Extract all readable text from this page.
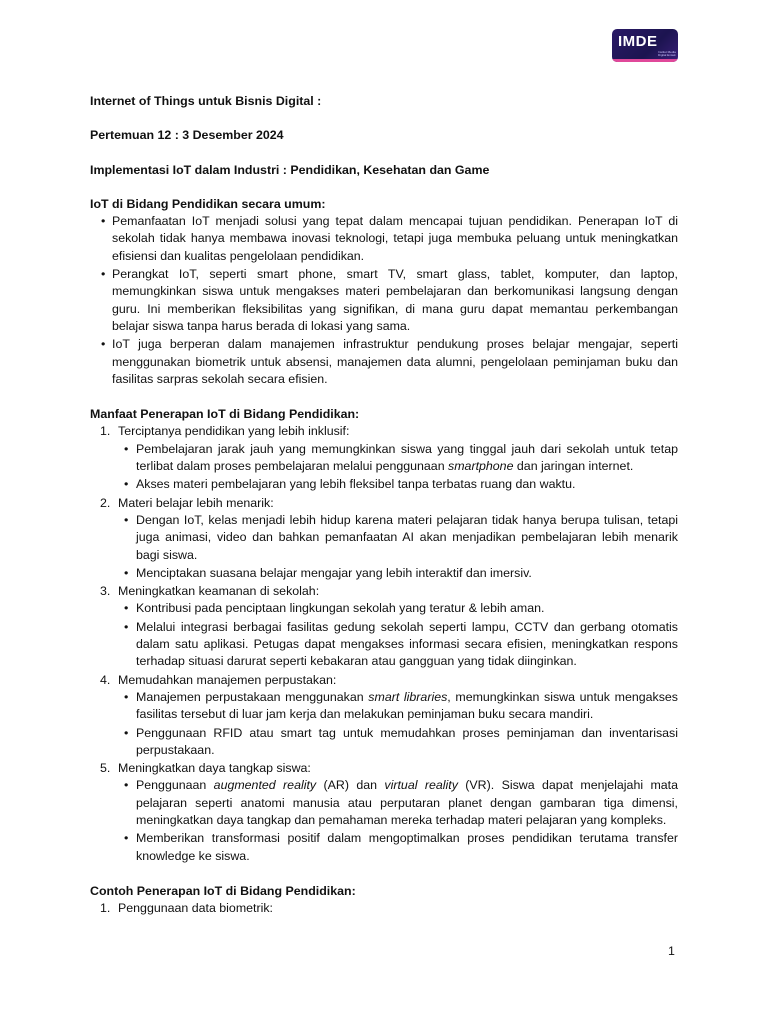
IMDE
Institut Media Digital Emtek

Internet of Things untuk Bisnis Digital :

Pertemuan 12 : 3 Desember 2024

Implementasi IoT dalam Industri : Pendidikan, Kesehatan dan Game

IoT di Bidang Pendidikan secara umum:

• Pemanfaatan IoT menjadi solusi yang tepat dalam mencapai tujuan pendidikan. Penerapan IoT di sekolah tidak hanya membawa inovasi teknologi, tetapi juga membuka peluang untuk meningkatkan efisiensi dan kualitas pengelolaan pendidikan.
• Perangkat IoT, seperti smart phone, smart TV, smart glass, tablet, komputer, dan laptop, memungkinkan siswa untuk mengakses materi pembelajaran dan berkomunikasi langsung dengan guru. Ini memberikan fleksibilitas yang signifikan, di mana guru dapat memantau perkembangan belajar siswa tanpa harus berada di lokasi yang sama.
• IoT juga berperan dalam manajemen infrastruktur pendukung proses belajar mengajar, seperti menggunakan biometrik untuk absensi, manajemen data alumni, pengelolaan peminjaman buku dan fasilitas sarpras sekolah secara efisien.

Manfaat Penerapan IoT di Bidang Pendidikan:

1. Terciptanya pendidikan yang lebih inklusif:
• Pembelajaran jarak jauh yang memungkinkan siswa yang tinggal jauh dari sekolah untuk tetap terlibat dalam proses pembelajaran melalui penggunaan smartphone dan jaringan internet.
• Akses materi pembelajaran yang lebih fleksibel tanpa terbatas ruang dan waktu.
2. Materi belajar lebih menarik:
• Dengan IoT, kelas menjadi lebih hidup karena materi pelajaran tidak hanya berupa tulisan, tetapi juga animasi, video dan bahkan pemanfaatan AI akan menjadikan pembelajaran lebih menarik bagi siswa.
• Menciptakan suasana belajar mengajar yang lebih interaktif dan imersiv.
3. Meningkatkan keamanan di sekolah:
• Kontribusi pada penciptaan lingkungan sekolah yang teratur & lebih aman.
• Melalui integrasi berbagai fasilitas gedung sekolah seperti lampu, CCTV dan gerbang otomatis dalam satu aplikasi. Petugas dapat mengakses informasi secara efisien, meningkatkan respons terhadap situasi darurat seperti kebakaran atau gangguan yang tidak diinginkan.
4. Memudahkan manajemen perpustakan:
• Manajemen perpustakaan menggunakan smart libraries, memungkinkan siswa untuk mengakses fasilitas tersebut di luar jam kerja dan melakukan peminjaman buku secara mandiri.
• Penggunaan RFID atau smart tag untuk memudahkan proses peminjaman dan inventarisasi perpustakaan.
5. Meningkatkan daya tangkap siswa:
• Penggunaan augmented reality (AR) dan virtual reality (VR). Siswa dapat menjelajahi mata pelajaran seperti anatomi manusia atau perputaran planet dengan gambaran tiga dimensi, meningkatkan daya tangkap dan pemahaman mereka terhadap materi pelajaran yang kompleks.
• Memberikan transformasi positif dalam mengoptimalkan proses pendidikan terutama transfer knowledge ke siswa.

Contoh Penerapan IoT di Bidang Pendidikan:

1. Penggunaan data biometrik:
1
